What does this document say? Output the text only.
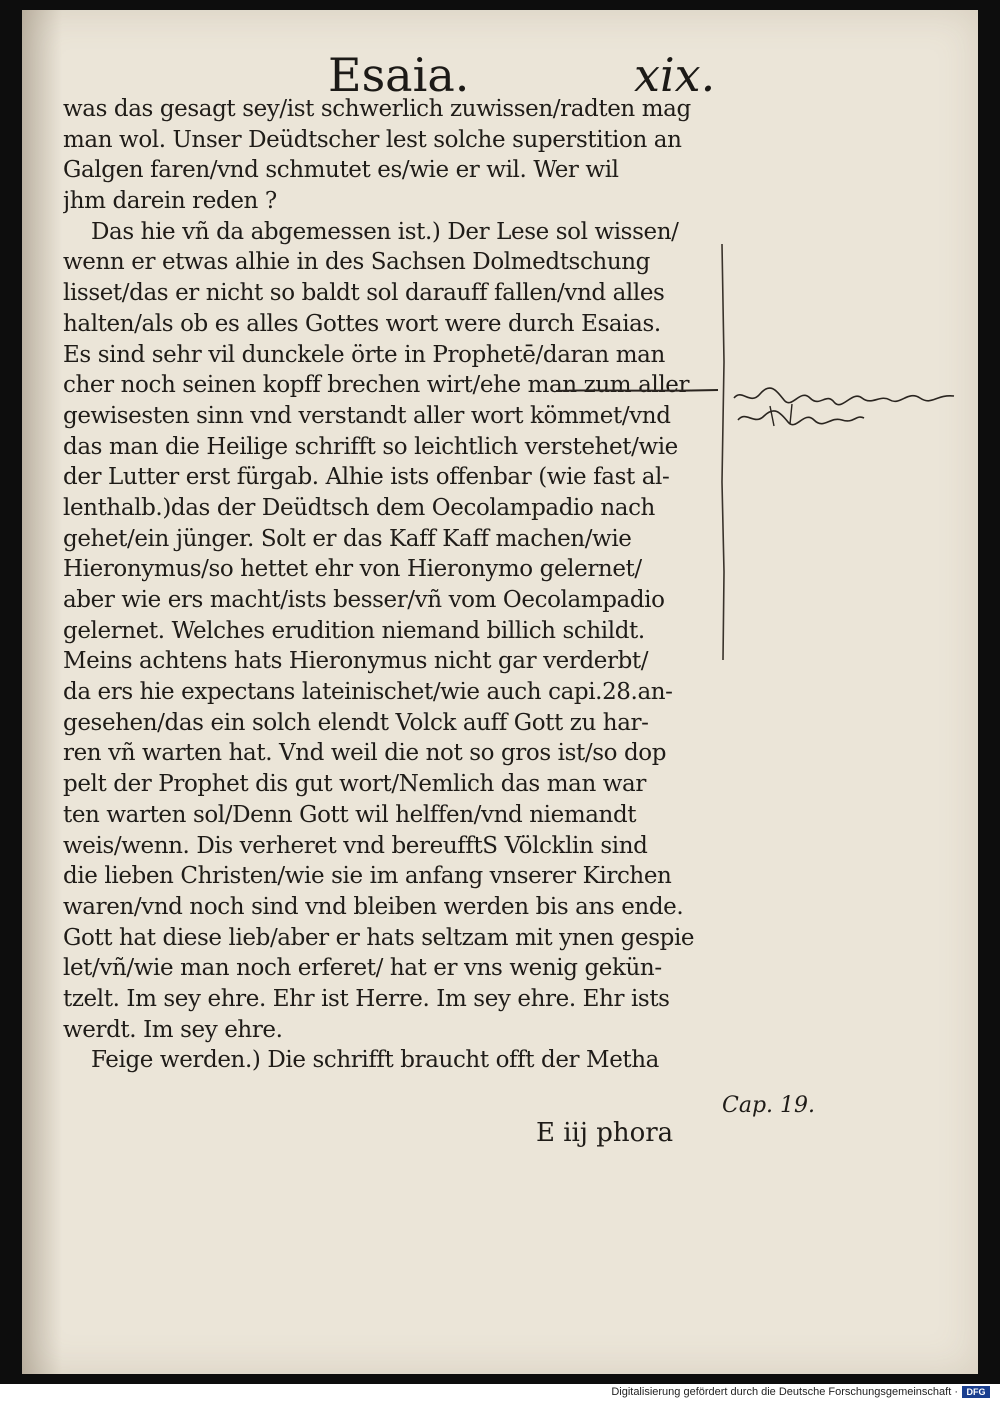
Esaia.	xix.
was das gesagt sey/ist schwerlich zuwissen/radten mag
man wol. Unser Deüdtscher lest solche superstition an
Galgen faren/vnd schmutet es/wie er wil. Wer wil
jhm darein reden ?
Das hie vñ da abgemessen ist.) Der Lese sol wissen/
wenn er etwas alhie in des Sachsen Dolmedtschung
lisset/das er nicht so baldt sol darauff fallen/vnd alles
halten/als ob es alles Gottes wort were durch Esaias.
Es sind sehr vil dunckele örte in Prophetē/daran man
cher noch seinen kopff brechen wirt/ehe man zum aller
gewisesten sinn vnd verstandt aller wort kömmet/vnd
das man die Heilige schrifft so leichtlich verstehet/wie
der Lutter erst fürgab. Alhie ists offenbar (wie fast al-
lenthalb.)das der Deüdtsch dem Oecolampadio nach
gehet/ein jünger. Solt er das Kaff Kaff machen/wie
Hieronymus/so hettet ehr von Hieronymo gelernet/
aber wie ers macht/ists besser/vñ vom Oecolampadio
gelernet. Welches erudition niemand billich schildt.
Meins achtens hats Hieronymus nicht gar verderbt/
da ers hie expectans lateinischet/wie auch capi.28.an-
gesehen/das ein solch elendt Volck auff Gott zu har-
ren vñ warten hat. Vnd weil die not so gros ist/so dop
pelt der Prophet dis gut wort/Nemlich das man war
ten warten sol/Denn Gott wil helffen/vnd niemandt
weis/wenn. Dis verheret vnd bereufftS Völcklin sind
die lieben Christen/wie sie im anfang vnserer Kirchen
waren/vnd noch sind vnd bleiben werden bis ans ende.
Gott hat diese lieb/aber er hats seltzam mit ynen gespie
let/vñ/wie man noch erferet/ hat er vns wenig gekün-
tzelt. Im sey ehre. Ehr ist Herre. Im sey ehre. Ehr ists
werdt. Im sey ehre.
Feige werden.) Die schrifft braucht offt der Metha
Cap. 19.
E iij phora
Digitalisierung gefördert durch die Deutsche Forschungsgemeinschaft · DFG
